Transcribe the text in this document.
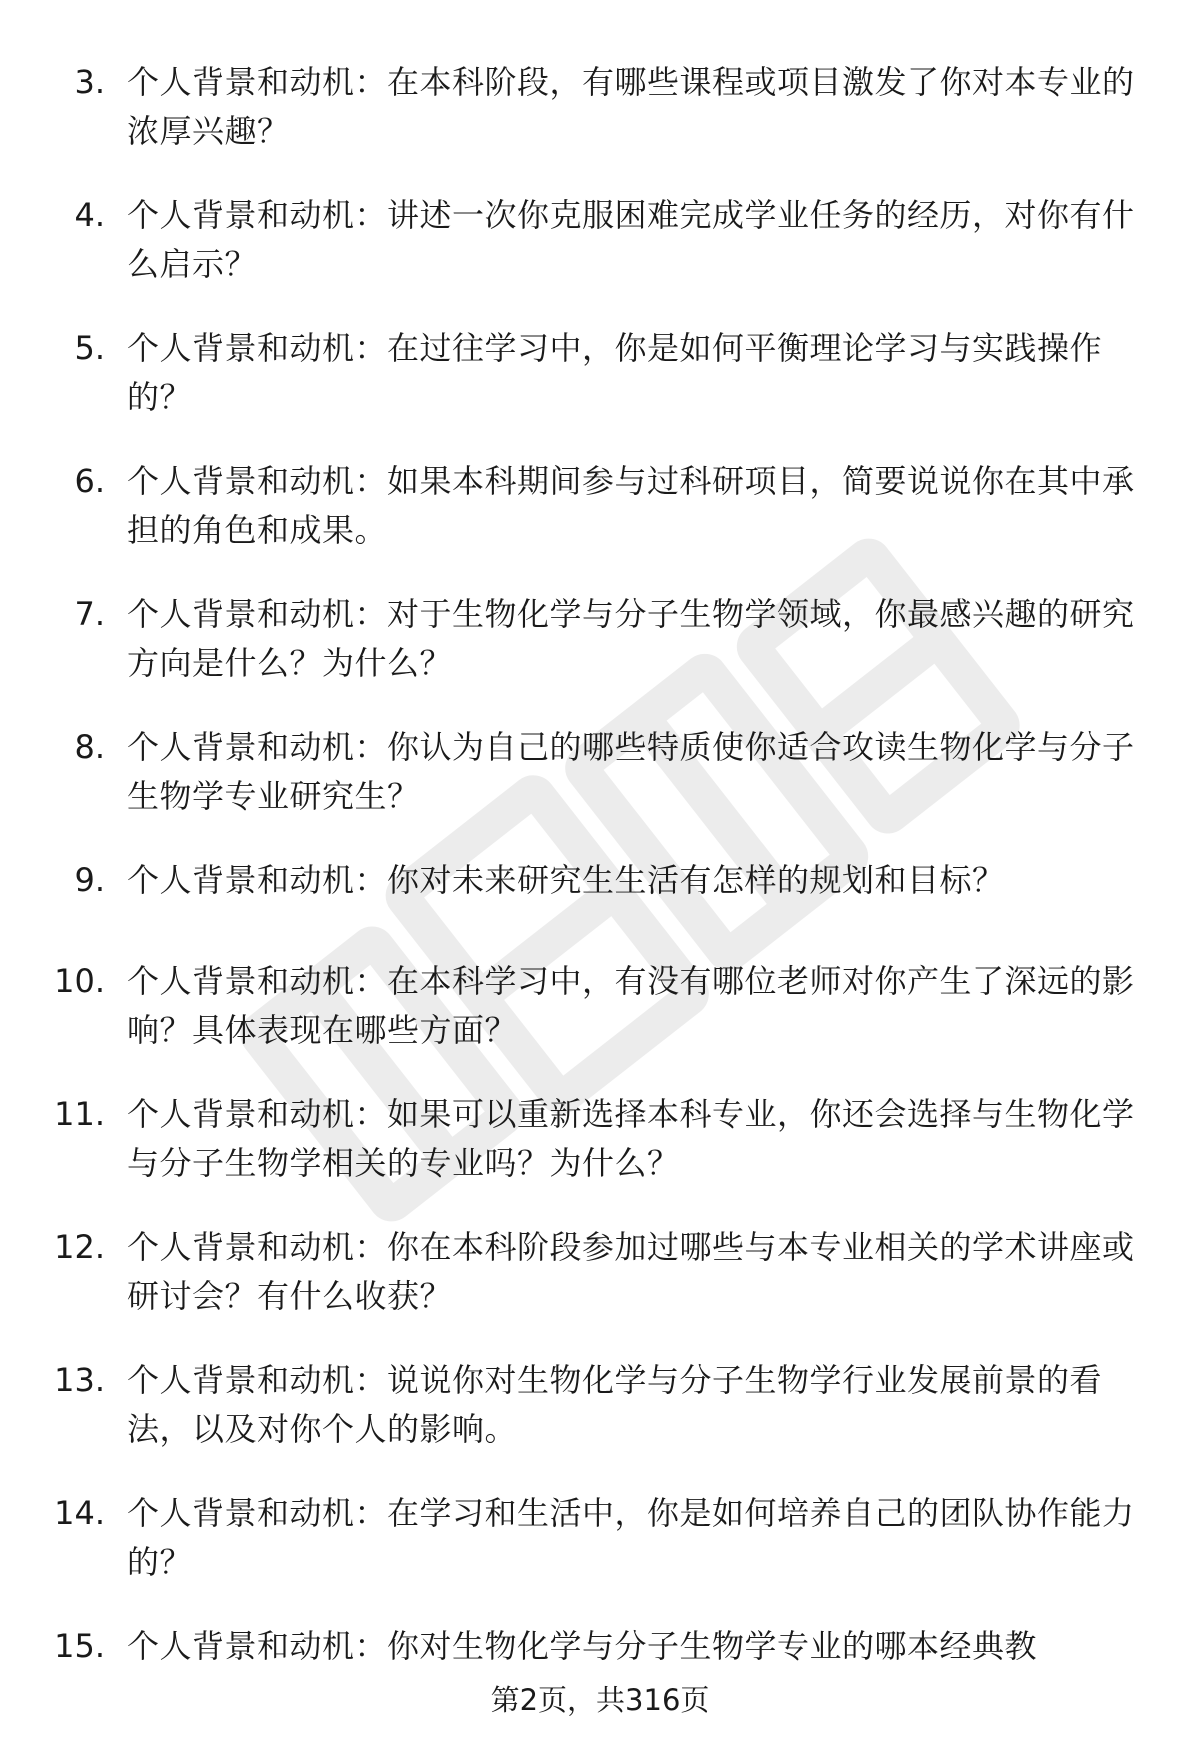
3. 个人背景和动机：在本科阶段，有哪些课程或项目激发了你对本专业的浓厚兴趣？
4. 个人背景和动机：讲述一次你克服困难完成学业任务的经历，对你有什么启示？
5. 个人背景和动机：在过往学习中，你是如何平衡理论学习与实践操作的？
6. 个人背景和动机：如果本科期间参与过科研项目，简要说说你在其中承担的角色和成果。
7. 个人背景和动机：对于生物化学与分子生物学领域，你最感兴趣的研究方向是什么？为什么？
8. 个人背景和动机：你认为自己的哪些特质使你适合攻读生物化学与分子生物学专业研究生？
9. 个人背景和动机：你对未来研究生生活有怎样的规划和目标？
10. 个人背景和动机：在本科学习中，有没有哪位老师对你产生了深远的影响？具体表现在哪些方面？
11. 个人背景和动机：如果可以重新选择本科专业，你还会选择与生物化学与分子生物学相关的专业吗？为什么？
12. 个人背景和动机：你在本科阶段参加过哪些与本专业相关的学术讲座或研讨会？有什么收获？
13. 个人背景和动机：说说你对生物化学与分子生物学行业发展前景的看法，以及对你个人的影响。
14. 个人背景和动机：在学习和生活中，你是如何培养自己的团队协作能力的？
15. 个人背景和动机：你对生物化学与分子生物学专业的哪本经典教
第2页，共316页
